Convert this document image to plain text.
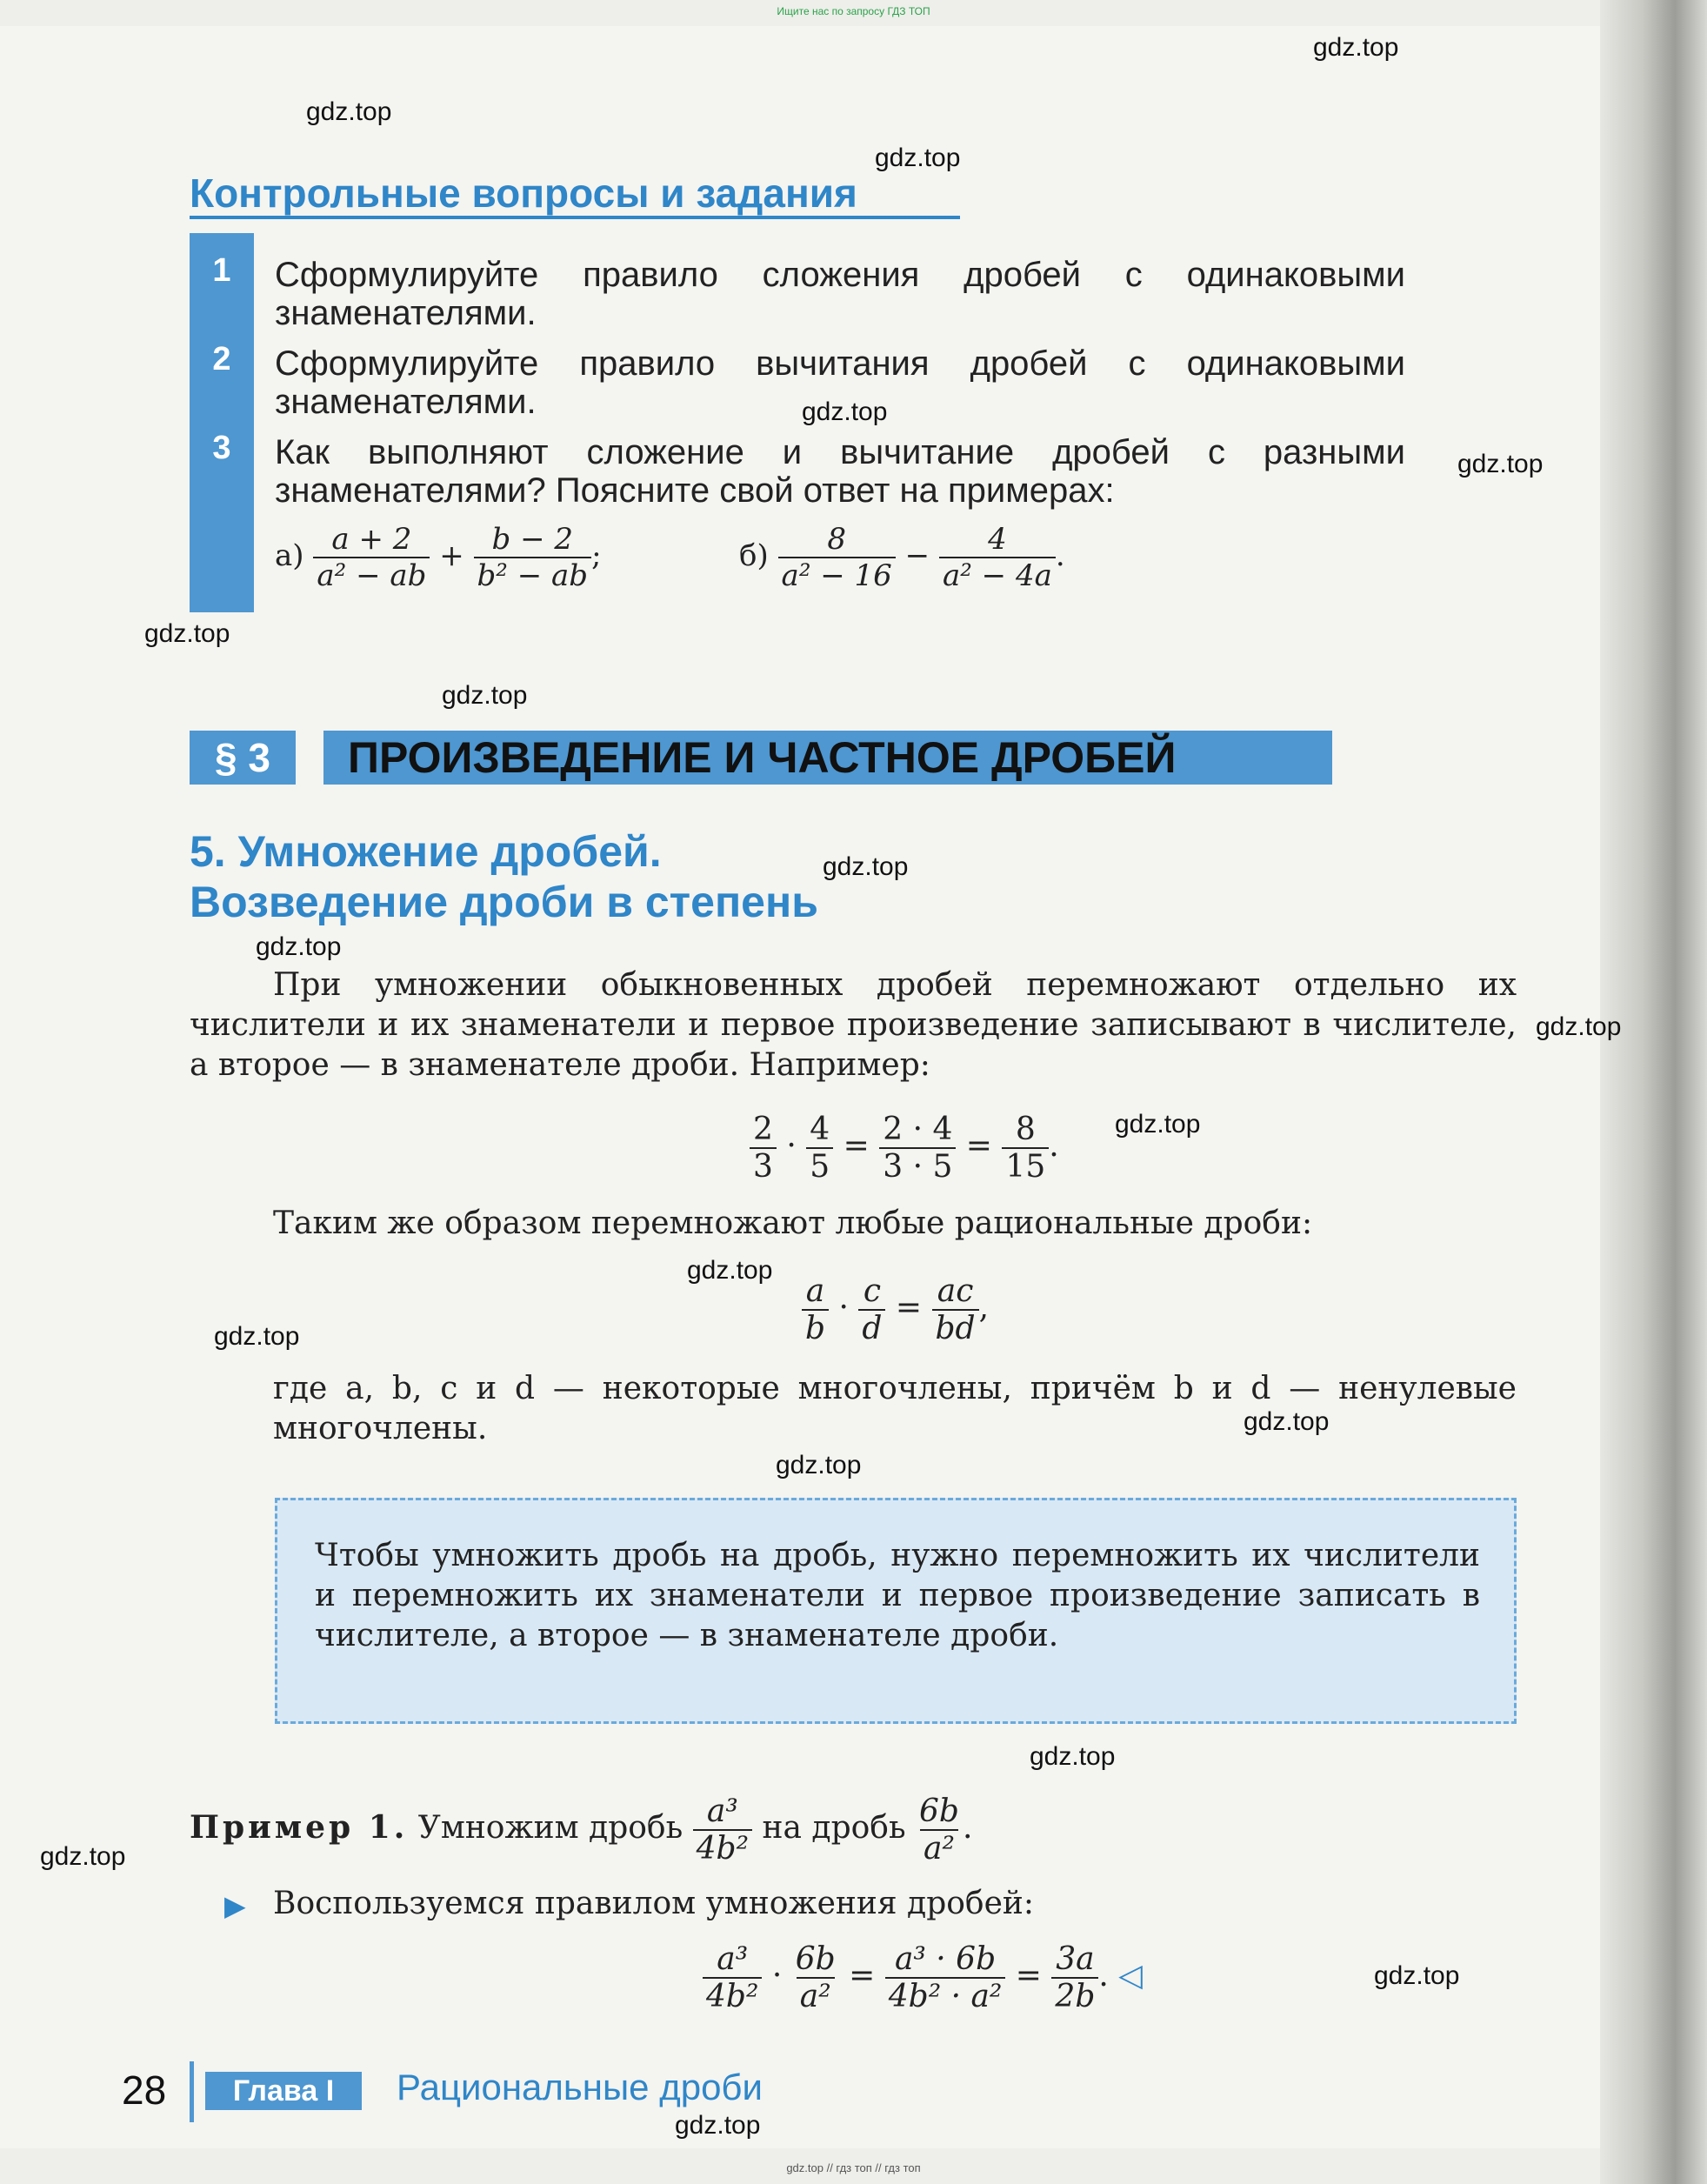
Ищите нас по запросу ГДЗ ТОП
gdz.top // гдз топ // гдз топ
gdz.top
gdz.top
gdz.top
gdz.top
gdz.top
gdz.top
gdz.top
gdz.top
gdz.top
gdz.top
gdz.top
gdz.top
gdz.top
gdz.top
gdz.top
gdz.top
gdz.top
gdz.top
gdz.top
Контрольные вопросы и задания
1
2
3
Сформулируйте правило сложения дробей с одинаковыми знаменателями.
Сформулируйте правило вычитания дробей с одинаковыми знаменателями.
Как выполняют сложение и вычитание дробей с разными знаменателями? Поясните свой ответ на примерах:
$а) \frac{a + 2}{\text{a² − ab}} + \frac{b - 2}{\text{b² − ab}}$ ;	$б) \frac{8}{\text{a² − 16}} - \frac{4}{\text{a² − 4a}}$ .
§ 3	ПРОИЗВЕДЕНИЕ И ЧАСТНОЕ ДРОБЕЙ
5. Умножение дробей.
Возведение дроби в степень
При умножении обыкновенных дробей перемножают отдельно их числители и их знаменатели и первое произведение записывают в числителе, а второе — в знаменателе дроби. Например:
$\frac{2}{3} \cdot \frac{4}{5} = \frac{2 \cdot 4}{3 \cdot 5} = \frac{8}{15}$ .
Таким же образом перемножают любые рациональные дроби:
$\frac{a}{b} \cdot \frac{c}{d} = \frac{ac}{bd}$ ,
где a, b, c и d — некоторые многочлены, причём b и d — ненулевые многочлены.
Чтобы умножить дробь на дробь, нужно перемножить их числители и перемножить их знаменатели и первое произведение записать в числителе, а второе — в знаменателе дроби.
Пример 1. Умножим дробь $\frac{\text{a³}}{\text{4b²}}$ на дробь $\frac{6b}{\text{a²}}$ .
▶ Воспользуемся правилом умножения дробей:
$\frac{\text{a³}}{\text{4b²}} \cdot \frac{6b}{\text{a²}} = \frac{\text{a³ · 6b}}{\text{4b² · a²}} = \frac{3a}{2b}$ . ◁
28	Глава I	Рациональные дроби
